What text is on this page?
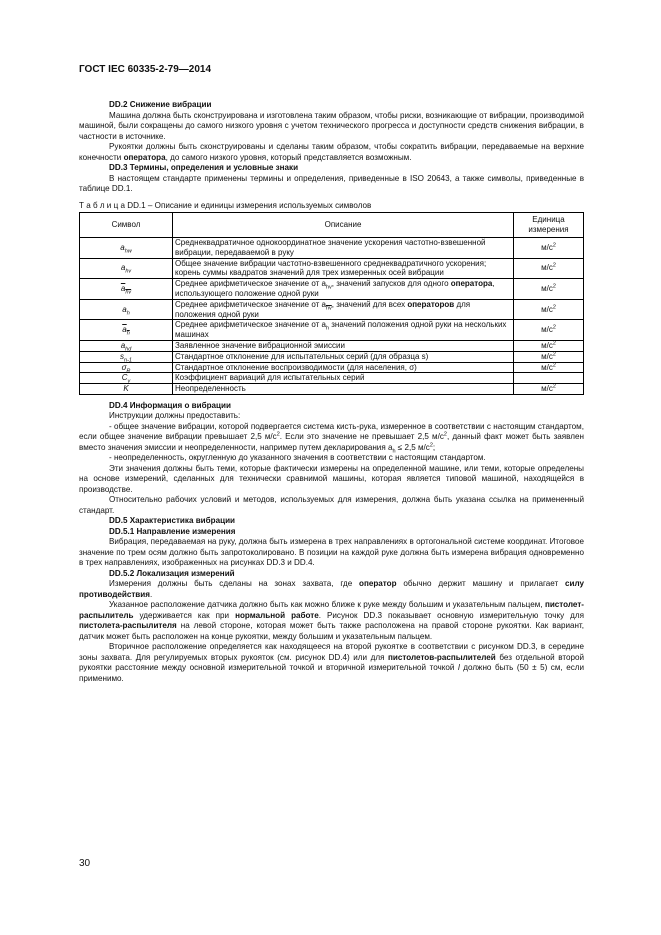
ГОСТ IEC 60335-2-79—2014

DD.2 Снижение вибрации

Машина должна быть сконструирована и изготовлена таким образом, чтобы риски, возникающие от вибрации, производимой машиной, были сокращены до самого низкого уровня с учетом технического прогресса и доступности средств снижения вибрации, в частности в источнике.

Рукоятки должны быть сконструированы и сделаны таким образом, чтобы сократить вибрации, передаваемые на верхние конечности оператора, до самого низкого уровня, который представляется возможным.

DD.3 Термины, определения и условные знаки

В настоящем стандарте применены термины и определения, приведенные в ISO 20643, а также символы, приведенные в таблице DD.1.

Т а б л и ц а DD.1 – Описание и единицы измерения используемых символов

Символ	Описание	Единица измерения
$a_{hw}$	Среднеквадратичное однокоординатное значение ускорения частотно-взвешенной вибрации, передаваемой в руку	$м/с^2$
$a_{hv}$	Общее значение вибрации частотно-взвешенного среднеквадратичного ускорения; корень суммы квадратов значений для трех измеренных осей вибрации	$м/с^2$
$a_{hv}$	Среднее арифметическое значение от $a_{hv}$, значений запусков для одного оператора, использующего положение одной руки	$м/с^2$
$a_h$	Среднее арифметическое значение от $a_{\overline{hv}}$, значений для всех операторов для положения одной руки	$м/с^2$
$a_h$	Среднее арифметическое значение от $a_h$ значений положения одной руки на нескольких машинах	$м/с^2$
$a_{hd}$	Заявленное значение вибрационной эмиссии	$м/с^2$
$s_{n-1}$	Стандартное отклонение для испытательных серий (для образца s)	$м/с^2$
$\sigma_R$	Стандартное отклонение воспроизводимости (для населения, σ)	$м/с^2$
$C_v$	Коэффициент вариаций для испытательных серий	
K	Неопределенность	$м/с^2$

DD.4 Информация о вибрации

Инструкции должны предоставить:

- общее значение вибрации, которой подвергается система кисть-рука, измеренное в соответствии с настоящим стандартом, если общее значение вибрации превышает 2,5 $м/с^2$. Если это значение не превышает 2,5 $м/с^2$, данный факт может быть заявлен вместо значения эмиссии и неопределенности, например путем декларирования $a_h \le 2,5$ $м/с^2$;

- неопределенность, округленную до указанного значения в соответствии с настоящим стандартом.

Эти значения должны быть теми, которые фактически измерены на определенной машине, или теми, которые определены на основе измерений, сделанных для технически сравнимой машины, которая является типовой машиной, находящейся в производстве.

Относительно рабочих условий и методов, используемых для измерения, должна быть указана ссылка на примененный стандарт.

DD.5 Характеристика вибрации

DD.5.1 Направление измерения

Вибрация, передаваемая на руку, должна быть измерена в трех направлениях в ортогональной системе координат. Итоговое значение по трем осям должно быть запротоколировано. В позиции на каждой руке должна быть измерена вибрация одновременно в трех направлениях, изображенных на рисунках DD.3 и DD.4.

DD.5.2 Локализация измерений

Измерения должны быть сделаны на зонах захвата, где оператор обычно держит машину и прилагает силу противодействия.

Указанное расположение датчика должно быть как можно ближе к руке между большим и указательным пальцем, пистолет-распылитель удерживается как при нормальной работе. Рисунок DD.3 показывает основную измерительную точку для пистолета-распылителя на левой стороне, которая может быть также расположена на правой стороне рукоятки. Как вариант, датчик может быть расположен на конце рукоятки, между большим и указательным пальцем.

Вторичное расположение определяется как находящееся на второй рукоятке в соответствии с рисунком DD.3, в середине зоны захвата. Для регулируемых вторых рукояток (см. рисунок DD.4) или для пистолетов-распылителей без отдельной второй рукоятки расстояние между основной измерительной точкой и вторичной измерительной точкой l должно быть (50 ± 5) см, если применимо.

30
